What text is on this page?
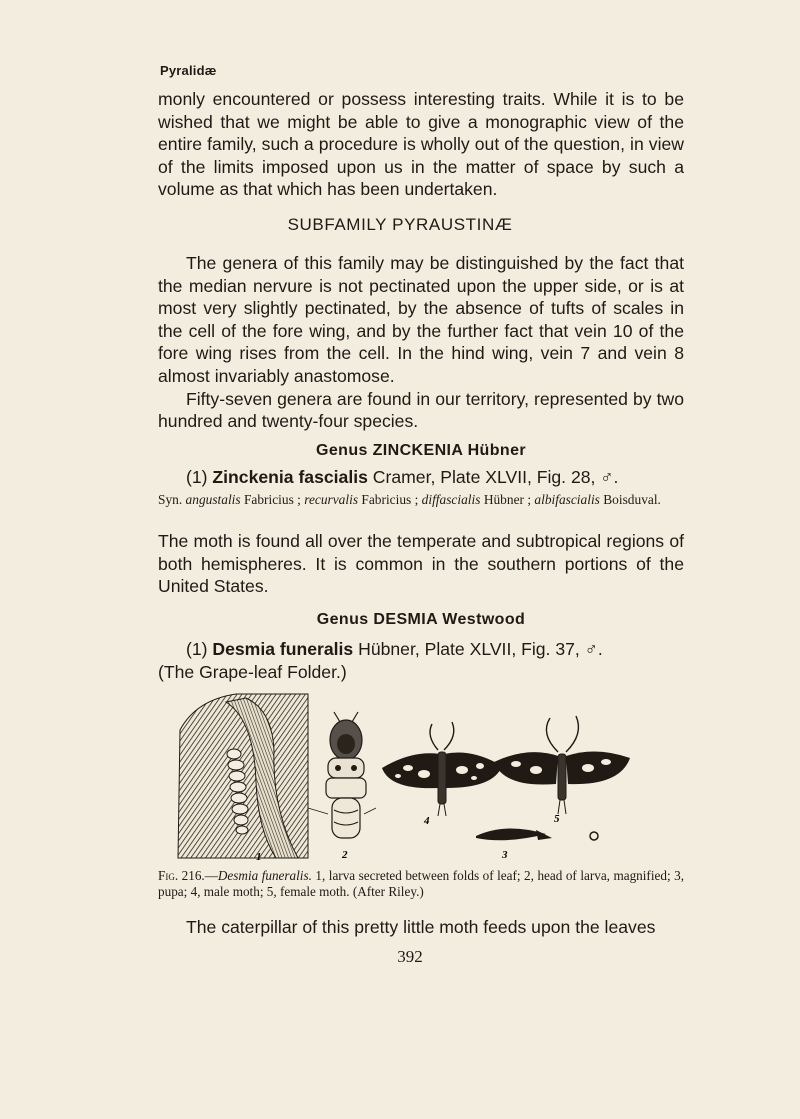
Pyralidæ

monly encountered or possess interesting traits. While it is to be wished that we might be able to give a monographic view of the entire family, such a procedure is wholly out of the question, in view of the limits imposed upon us in the matter of space by such a volume as that which has been undertaken.

SUBFAMILY PYRAUSTINÆ

The genera of this family may be distinguished by the fact that the median nervure is not pectinated upon the upper side, or is at most very slightly pectinated, by the absence of tufts of scales in the cell of the fore wing, and by the further fact that vein 10 of the fore wing rises from the cell. In the hind wing, vein 7 and vein 8 almost invariably anastomose.

Fifty-seven genera are found in our territory, represented by two hundred and twenty-four species.

Genus ZINCKENIA Hübner
(1) Zinckenia fascialis Cramer, Plate XLVII, Fig. 28, ♂.
Syn. angustalis Fabricius ; recurvalis Fabricius ; diffascialis Hübner ; albifascialis Boisduval.

The moth is found all over the temperate and subtropical regions of both hemispheres. It is common in the southern portions of the United States.

Genus DESMIA Westwood
(1) Desmia funeralis Hübner, Plate XLVII, Fig. 37, ♂.
(The Grape-leaf Folder.)
1	2
4
3
5
Fig. 216.—Desmia funeralis. 1, larva secreted between folds of leaf; 2, head of larva, magnified; 3, pupa; 4, male moth; 5, female moth. (After Riley.)

The caterpillar of this pretty little moth feeds upon the leaves

392
